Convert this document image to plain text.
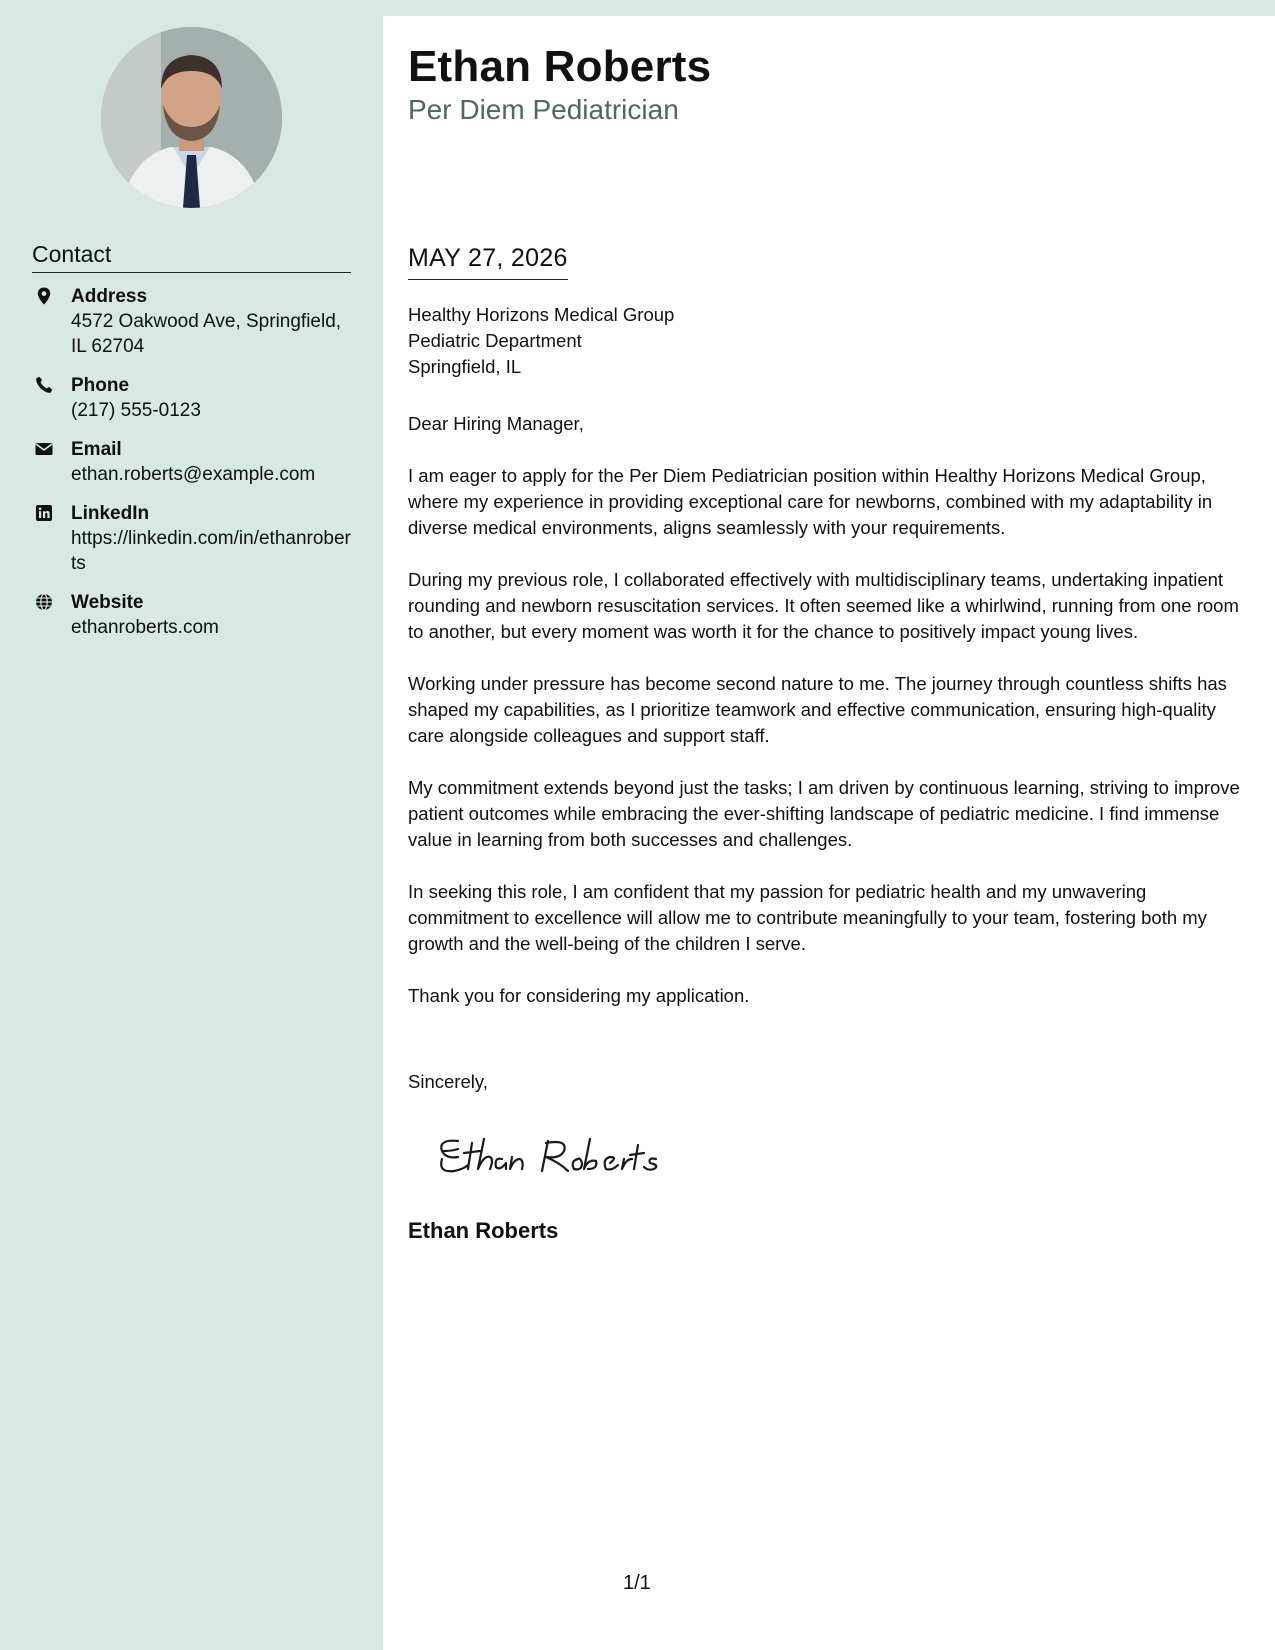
Contact
Address
4572 Oakwood Ave, Springfield, IL 62704
Phone
(217) 555-0123
Email
ethan.roberts@example.com
LinkedIn
https://linkedin.com/in/ethanroberts
Website
ethanroberts.com
Ethan Roberts
Per Diem Pediatrician
MAY 27, 2026
Healthy Horizons Medical Group
Pediatric Department
Springfield, IL

Dear Hiring Manager,

I am eager to apply for the Per Diem Pediatrician position within Healthy Horizons Medical Group, where my experience in providing exceptional care for newborns, combined with my adaptability in diverse medical environments, aligns seamlessly with your requirements.

During my previous role, I collaborated effectively with multidisciplinary teams, undertaking inpatient rounding and newborn resuscitation services. It often seemed like a whirlwind, running from one room to another, but every moment was worth it for the chance to positively impact young lives.

Working under pressure has become second nature to me. The journey through countless shifts has shaped my capabilities, as I prioritize teamwork and effective communication, ensuring high-quality care alongside colleagues and support staff.

My commitment extends beyond just the tasks; I am driven by continuous learning, striving to improve patient outcomes while embracing the ever-shifting landscape of pediatric medicine. I find immense value in learning from both successes and challenges.

In seeking this role, I am confident that my passion for pediatric health and my unwavering commitment to excellence will allow me to contribute meaningfully to your team, fostering both my growth and the well-being of the children I serve.

Thank you for considering my application.

Sincerely,
Ethan Roberts
1/1
